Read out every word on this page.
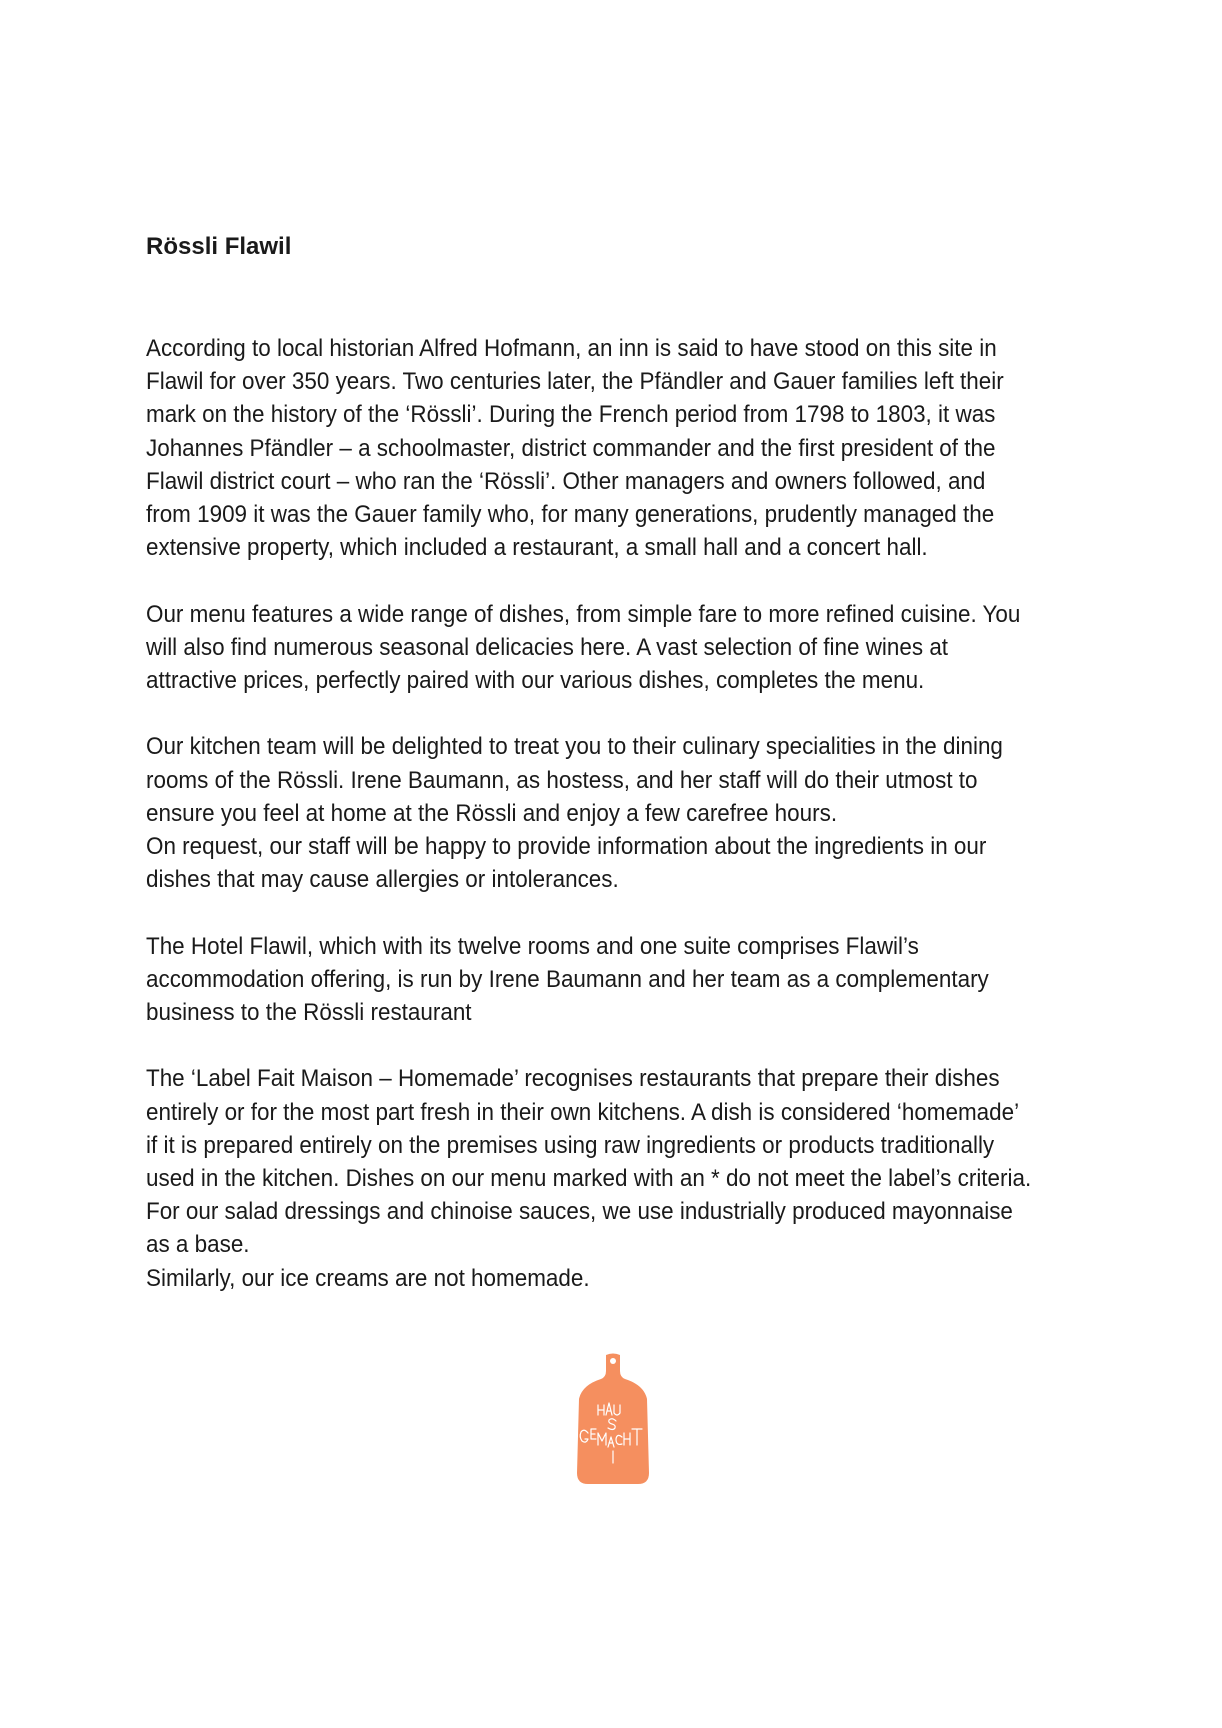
Rössli Flawil

According to local historian Alfred Hofmann, an inn is said to have stood on this site in
Flawil for over 350 years. Two centuries later, the Pfändler and Gauer families left their
mark on the history of the ‘Rössli’. During the French period from 1798 to 1803, it was
Johannes Pfändler – a schoolmaster, district commander and the first president of the
Flawil district court – who ran the ‘Rössli’. Other managers and owners followed, and
from 1909 it was the Gauer family who, for many generations, prudently managed the
extensive property, which included a restaurant, a small hall and a concert hall.

Our menu features a wide range of dishes, from simple fare to more refined cuisine. You
will also find numerous seasonal delicacies here. A vast selection of fine wines at
attractive prices, perfectly paired with our various dishes, completes the menu.

Our kitchen team will be delighted to treat you to their culinary specialities in the dining
rooms of the Rössli. Irene Baumann, as hostess, and her staff will do their utmost to
ensure you feel at home at the Rössli and enjoy a few carefree hours.
On request, our staff will be happy to provide information about the ingredients in our
dishes that may cause allergies or intolerances.

The Hotel Flawil, which with its twelve rooms and one suite comprises Flawil’s
accommodation offering, is run by Irene Baumann and her team as a complementary
business to the Rössli restaurant

The ‘Label Fait Maison – Homemade’ recognises restaurants that prepare their dishes
entirely or for the most part fresh in their own kitchens. A dish is considered ‘homemade’
if it is prepared entirely on the premises using raw ingredients or products traditionally
used in the kitchen. Dishes on our menu marked with an * do not meet the label’s criteria.
For our salad dressings and chinoise sauces, we use industrially produced mayonnaise
as a base.
Similarly, our ice creams are not homemade.
